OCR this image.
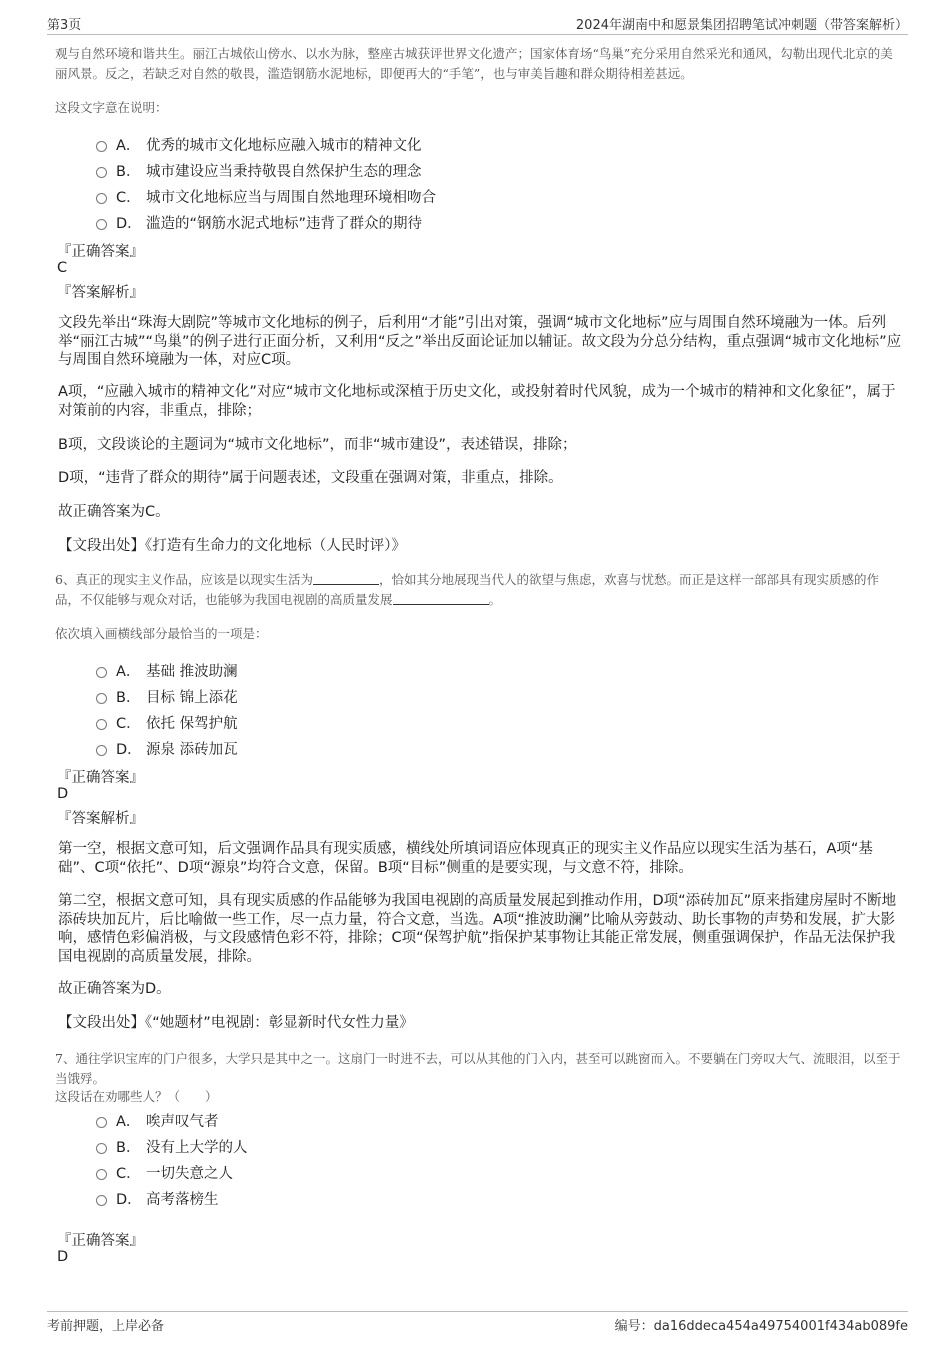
第3页	2024年湖南中和愿景集团招聘笔试冲刺题（带答案解析）
观与自然环境和谐共生。丽江古城依山傍水、以水为脉，整座古城获评世界文化遗产；国家体育场“鸟巢”充分采用自然采光和通风，勾勒出现代北京的美丽风景。反之，若缺乏对自然的敬畏，滥造钢筋水泥地标，即便再大的“手笔”，也与审美旨趣和群众期待相差甚远。
这段文字意在说明：
A． 优秀的城市文化地标应融入城市的精神文化
B． 城市建设应当秉持敬畏自然保护生态的理念
C． 城市文化地标应当与周围自然地理环境相吻合
D． 滥造的“钢筋水泥式地标”违背了群众的期待
『正确答案』
C
『答案解析』
文段先举出“珠海大剧院”等城市文化地标的例子，后利用“才能”引出对策，强调“城市文化地标”应与周围自然环境融为一体。后列举“丽江古城”“鸟巢”的例子进行正面分析，又利用“反之”举出反面论证加以辅证。故文段为分总分结构，重点强调“城市文化地标”应与周围自然环境融为一体，对应C项。
A项，“应融入城市的精神文化”对应“城市文化地标或深植于历史文化，或投射着时代风貌，成为一个城市的精神和文化象征”，属于对策前的内容，非重点，排除；
B项，文段谈论的主题词为“城市文化地标”，而非“城市建设”，表述错误，排除；
D项，“违背了群众的期待”属于问题表述，文段重在强调对策，非重点，排除。
故正确答案为C。
【文段出处】《打造有生命力的文化地标（人民时评）》
6、真正的现实主义作品，应该是以现实生活为	，恰如其分地展现当代人的欲望与焦虑，欢喜与忧愁。而正是这样一部部具有现实质感的作品，不仅能够与观众对话，也能够为我国电视剧的高质量发展	。
依次填入画横线部分最恰当的一项是：
A． 基础 推波助澜
B． 目标 锦上添花
C． 依托 保驾护航
D． 源泉 添砖加瓦
『正确答案』
D
『答案解析』
第一空，根据文意可知，后文强调作品具有现实质感，横线处所填词语应体现真正的现实主义作品应以现实生活为基石，A项“基础”、C项“依托”、D项“源泉”均符合文意，保留。B项“目标”侧重的是要实现，与文意不符，排除。
第二空，根据文意可知，具有现实质感的作品能够为我国电视剧的高质量发展起到推动作用，D项“添砖加瓦”原来指建房屋时不断地添砖块加瓦片，后比喻做一些工作，尽一点力量，符合文意，当选。A项“推波助澜”比喻从旁鼓动、助长事物的声势和发展，扩大影响，感情色彩偏消极，与文段感情色彩不符，排除；C项“保驾护航”指保护某事物让其能正常发展，侧重强调保护，作品无法保护我国电视剧的高质量发展，排除。
故正确答案为D。
【文段出处】《“她题材”电视剧：彰显新时代女性力量》
7、通往学识宝库的门户很多，大学只是其中之一。这扇门一时进不去，可以从其他的门入内，甚至可以跳窗而入。不要躺在门旁叹大气、流眼泪，以至于当饿殍。
这段话在劝哪些人？（　　）
A． 唉声叹气者
B． 没有上大学的人
C． 一切失意之人
D． 高考落榜生
『正确答案』
D
考前押题，上岸必备	编号：da16ddeca454a49754001f434ab089fe
